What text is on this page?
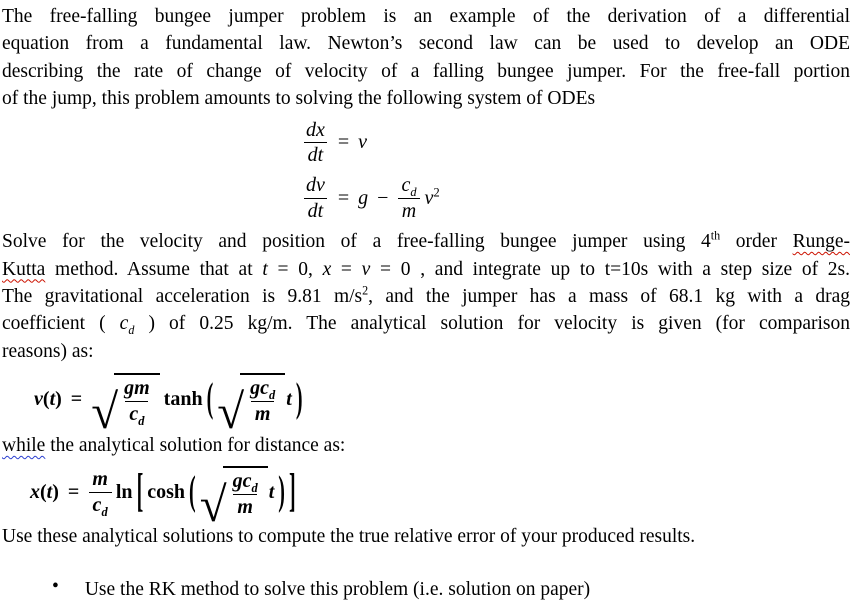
The free-falling bungee jumper problem is an example of the derivation of a differential
equation from a fundamental law. Newton’s second law can be used to develop an ODE
describing the rate of change of velocity of a falling bungee jumper. For the free-fall portion
of the jump, this problem amounts to solving the following system of ODEs
$\frac{dx}{dt} = v$
$\frac{dv}{dt} = g - \frac{c_d}{m} v^2$
Solve for the velocity and position of a free-falling bungee jumper using 4th order Runge-
Kutta method. Assume that at t = 0, x = v = 0 , and integrate up to t=10s with a step size of 2s.
The gravitational acceleration is 9.81 $m/s^2$, and the jumper has a mass of 68.1 kg with a drag
coefficient ( $c_d$ ) of 0.25 kg/m. The analytical solution for velocity is given (for comparison
reasons) as:
v(t) = √ $\frac{gm}{c_d}$ tanh ( √ $\frac{gc_d}{m}$ t )
while the analytical solution for distance as:
$x(t) = \frac{m}{c_d}$ ln [ cosh ( √ $\frac{gc_d}{m}$ t ) ]
Use these analytical solutions to compute the true relative error of your produced results.
• Use the RK method to solve this problem (i.e. solution on paper)
